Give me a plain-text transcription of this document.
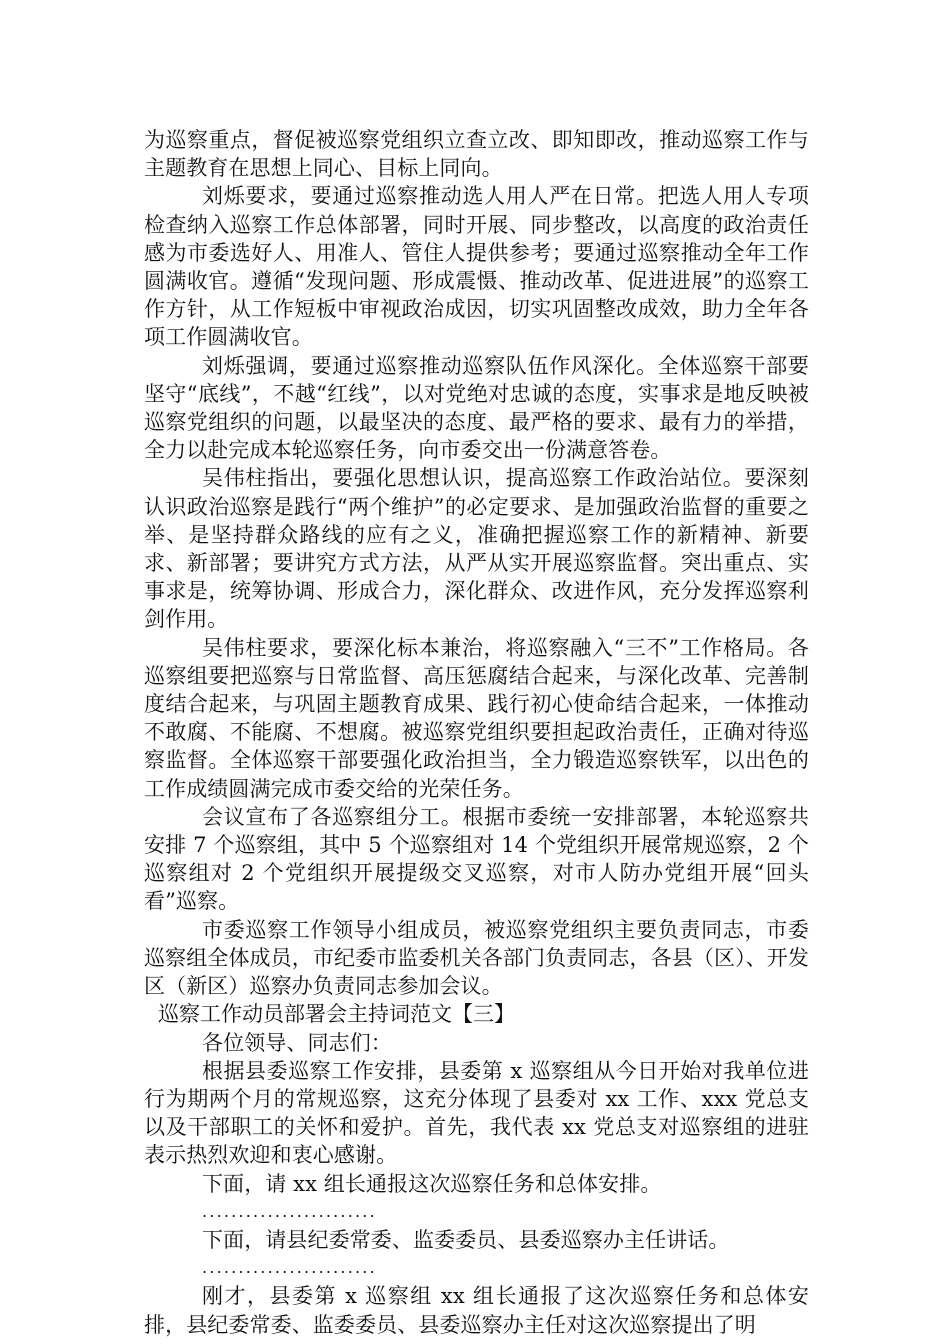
为巡察重点，督促被巡察党组织立查立改、即知即改，推动巡察工作与主题教育在思想上同心、目标上同向。

刘烁要求，要通过巡察推动选人用人严在日常。把选人用人专项检查纳入巡察工作总体部署，同时开展、同步整改，以高度的政治责任感为市委选好人、用准人、管住人提供参考；要通过巡察推动全年工作圆满收官。遵循“发现问题、形成震慑、推动改革、促进进展”的巡察工作方针，从工作短板中审视政治成因，切实巩固整改成效，助力全年各项工作圆满收官。

刘烁强调，要通过巡察推动巡察队伍作风深化。全体巡察干部要坚守“底线”，不越“红线”，以对党绝对忠诚的态度，实事求是地反映被巡察党组织的问题，以最坚决的态度、最严格的要求、最有力的举措，全力以赴完成本轮巡察任务，向市委交出一份满意答卷。

吴伟柱指出，要强化思想认识，提高巡察工作政治站位。要深刻认识政治巡察是践行“两个维护”的必定要求、是加强政治监督的重要之举、是坚持群众路线的应有之义，准确把握巡察工作的新精神、新要求、新部署；要讲究方式方法，从严从实开展巡察监督。突出重点、实事求是，统筹协调、形成合力，深化群众、改进作风，充分发挥巡察利剑作用。

吴伟柱要求，要深化标本兼治，将巡察融入“三不”工作格局。各巡察组要把巡察与日常监督、高压惩腐结合起来，与深化改革、完善制度结合起来，与巩固主题教育成果、践行初心使命结合起来，一体推动不敢腐、不能腐、不想腐。被巡察党组织要担起政治责任，正确对待巡察监督。全体巡察干部要强化政治担当，全力锻造巡察铁军，以出色的工作成绩圆满完成市委交给的光荣任务。

会议宣布了各巡察组分工。根据市委统一安排部署，本轮巡察共安排 7 个巡察组，其中 5 个巡察组对 14 个党组织开展常规巡察，2 个巡察组对 2 个党组织开展提级交叉巡察，对市人防办党组开展“回头看”巡察。

市委巡察工作领导小组成员，被巡察党组织主要负责同志，市委巡察组全体成员，市纪委市监委机关各部门负责同志，各县（区）、开发区（新区）巡察办负责同志参加会议。

巡察工作动员部署会主持词范文【三】

各位领导、同志们：

根据县委巡察工作安排，县委第 x 巡察组从今日开始对我单位进行为期两个月的常规巡察，这充分体现了县委对 xx 工作、xxx 党总支以及干部职工的关怀和爱护。首先，我代表 xx 党总支对巡察组的进驻表示热烈欢迎和衷心感谢。

下面，请 xx 组长通报这次巡察任务和总体安排。

........................

下面，请县纪委常委、监委委员、县委巡察办主任讲话。

........................

刚才，县委第 x 巡察组 xx 组长通报了这次巡察任务和总体安排，县纪委常委、监委委员、县委巡察办主任对这次巡察提出了明
